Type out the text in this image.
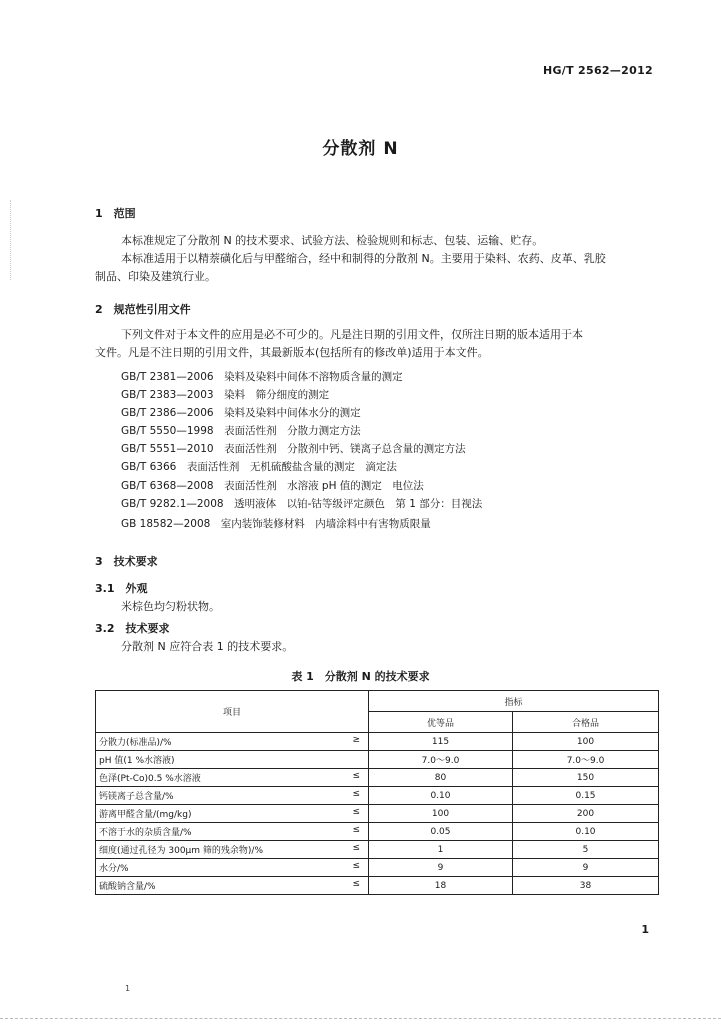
HG/T 2562—2012
分散剂 N
1　范围
本标准规定了分散剂 N 的技术要求、试验方法、检验规则和标志、包装、运输、贮存。
本标准适用于以精萘磺化后与甲醛缩合，经中和制得的分散剂 N。主要用于染料、农药、皮革、乳胶
制品、印染及建筑行业。
2　规范性引用文件
下列文件对于本文件的应用是必不可少的。凡是注日期的引用文件，仅所注日期的版本适用于本
文件。凡是不注日期的引用文件，其最新版本(包括所有的修改单)适用于本文件。
GB/T 2381—2006　染料及染料中间体不溶物质含量的测定
GB/T 2383—2003　染料　筛分细度的测定
GB/T 2386—2006　染料及染料中间体水分的测定
GB/T 5550—1998　表面活性剂　分散力测定方法
GB/T 5551—2010　表面活性剂　分散剂中钙、镁离子总含量的测定方法
GB/T 6366　表面活性剂　无机硫酸盐含量的测定　滴定法
GB/T 6368—2008　表面活性剂　水溶液 pH 值的测定　电位法
GB/T 9282.1—2008　透明液体　以铂-钴等级评定颜色　第 1 部分：目视法
GB 18582—2008　室内装饰装修材料　内墙涂料中有害物质限量
3　技术要求
3.1　外观
米棕色均匀粉状物。
3.2　技术要求
分散剂 N 应符合表 1 的技术要求。
表 1　分散剂 N 的技术要求
项目	指标	
	优等品	合格品
分散力(标准品)/% ≥	115	100
pH 值(1 %水溶液)	7.0～9.0	7.0～9.0
色泽(Pt-Co)0.5 %水溶液 ≤	80	150
钙镁离子总含量/% ≤	0.10	0.15
游离甲醛含量/(mg/kg) ≤	100	200
不溶于水的杂质含量/% ≤	0.05	0.10
细度(通过孔径为 300μm 筛的残余物)/% ≤	1	5
水分/% ≤	9	9
硫酸钠含量/% ≤	18	38
1
1
